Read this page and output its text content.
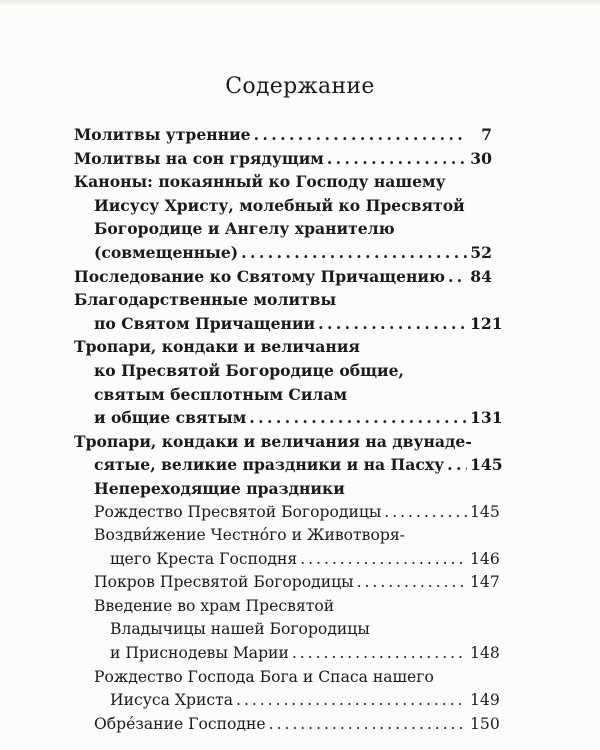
Содержание
Молитвы утренние . . .	7
Молитвы на сон грядущим . . .	30
Каноны: покаянный ко Господу нашему
Иисусу Христу, молебный ко Пресвятой
Богородице и Ангелу хранителю
(совмещенные) . . .	52
Последование ко Святому Причащению . . . 84
Благодарственные молитвы
по Святом Причащении . . .	121
Тропари, кондаки и величания
ко Пресвятой Богородице общие,
святым бесплотным Силам
и общие святым . . .	131
Тропари, кондаки и величания на двунаде-
сятые, великие праздники и на Пасху . . . 145
Непереходящие праздники
Рождество Пресвятой Богородицы . . .	145
Воздви́жение Честно́го и Животворя-
щего Креста Господня . . .	146
Покров Пресвятой Богородицы . . .	147
Введение во храм Пресвятой
Владычицы нашей Богородицы
и Приснодевы Марии . . .	148
Рождество Господа Бога и Спаса нашего
Иисуса Христа . . .	149
Обре́зание Господне . . .	150
